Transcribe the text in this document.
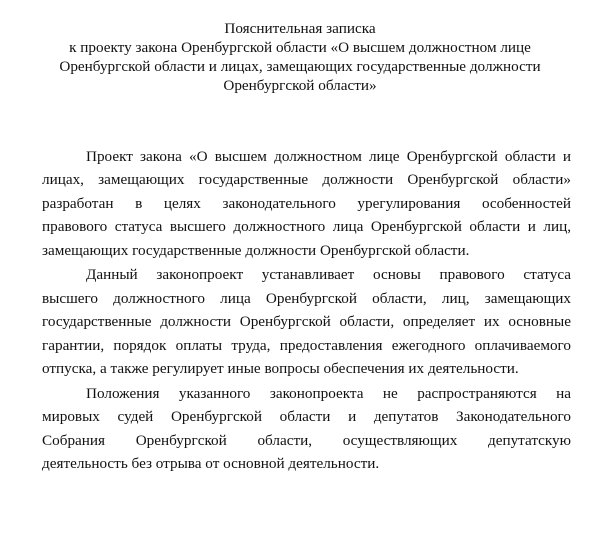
Пояснительная записка
к проекту закона Оренбургской области «О высшем должностном лице
Оренбургской области и лицах, замещающих государственные должности
Оренбургской области»

Проект закона «О высшем должностном лице Оренбургской области и
лицах, замещающих государственные должности Оренбургской области»
разработан в целях законодательного урегулирования особенностей
правового статуса высшего должностного лица Оренбургской области и лиц,
замещающих государственные должности Оренбургской области.

Данный законопроект устанавливает основы правового статуса
высшего должностного лица Оренбургской области, лиц, замещающих
государственные должности Оренбургской области, определяет их основные
гарантии, порядок оплаты труда, предоставления ежегодного оплачиваемого
отпуска, а также регулирует иные вопросы обеспечения их деятельности.

Положения указанного законопроекта не распространяются на
мировых судей Оренбургской области и депутатов Законодательного
Собрания Оренбургской области, осуществляющих депутатскую
деятельность без отрыва от основной деятельности.
